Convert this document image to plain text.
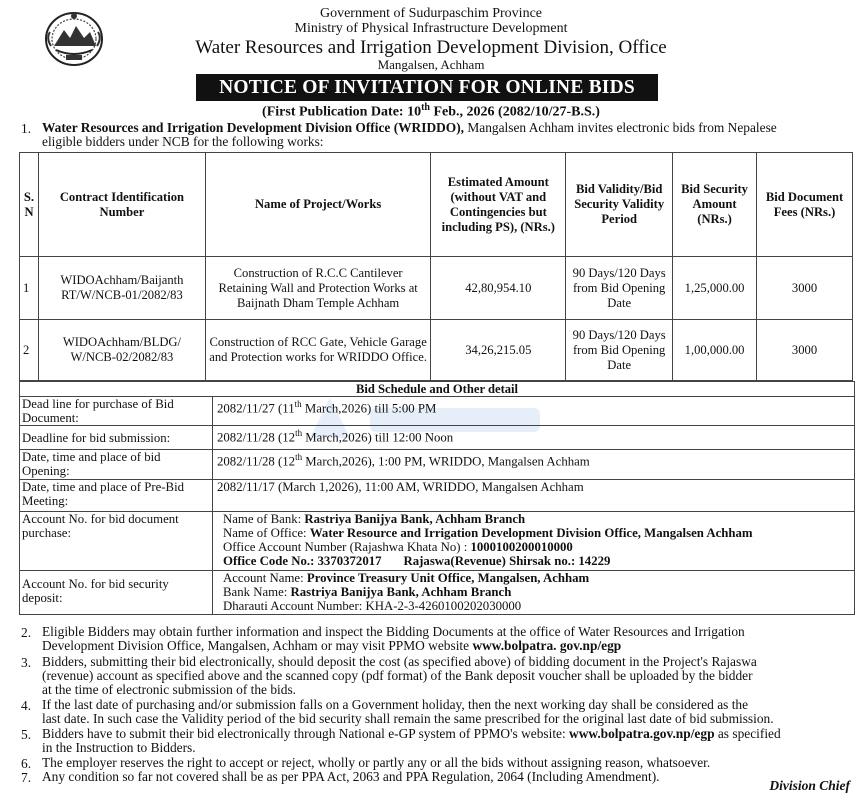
Government of Sudurpaschim Province
Ministry of Physical Infrastructure Development
Water Resources and Irrigation Development Division, Office
Mangalsen, Achham
NOTICE OF INVITATION FOR ONLINE BIDS
(First Publication Date: 10th Feb., 2026 (2082/10/27-B.S.)
1. Water Resources and Irrigation Development Division Office (WRIDDO), Mangalsen Achham invites electronic bids from Nepalese
eligible bidders under NCB for the following works:
S.
N	Contract Identification Number	Name of Project/Works	Estimated Amount (without VAT and Contingencies but including PS), (NRs.)	Bid Validity/Bid Security Validity Period	Bid Security Amount (NRs.)	Bid Document Fees (NRs.)
1	WIDOAchham/Baijanth RT/W/NCB-01/2082/83	Construction of R.C.C Cantilever Retaining Wall and Protection Works at Baijnath Dham Temple Achham	42,80,954.10	90 Days/120 Days from Bid Opening Date	1,25,000.00	3000
2	WIDOAchham/BLDG/ W/NCB-02/2082/83	Construction of RCC Gate, Vehicle Garage and Protection works for WRIDDO Office.	34,26,215.05	90 Days/120 Days from Bid Opening Date	1,00,000.00	3000
Bid Schedule and Other detail
Dead line for purchase of Bid Document:	2082/11/27 (11th March,2026) till 5:00 PM
Deadline for bid submission:	2082/11/28 (12th March,2026) till 12:00 Noon
Date, time and place of bid Opening:	2082/11/28 (12th March,2026), 1:00 PM, WRIDDO, Mangalsen Achham
Date, time and place of Pre-Bid Meeting:	2082/11/17 (March 1,2026), 11:00 AM, WRIDDO, Mangalsen Achham
Account No. for bid document purchase:	Name of Bank: Rastriya Banijya Bank, Achham Branch
Name of Office: Water Resource and Irrigation Development Division Office, Mangalsen Achham
Office Account Number (Rajashwa Khata No) : 1000100200010000
Office Code No.: 3370372017 Rajaswa(Revenue) Shirsak no.: 14229

Account No. for bid security deposit:	Account Name: Province Treasury Unit Office, Mangalsen, Achham
Bank Name: Rastriya Banijya Bank, Achham Branch
Dharauti Account Number: KHA-2-3-4260100202030000
2. Eligible Bidders may obtain further information and inspect the Bidding Documents at the office of Water Resources and Irrigation
Development Division Office, Mangalsen, Achham or may visit PPMO website www.bolpatra. gov.np/egp
3. Bidders, submitting their bid electronically, should deposit the cost (as specified above) of bidding document in the Project's Rajaswa
(revenue) account as specified above and the scanned copy (pdf format) of the Bank deposit voucher shall be uploaded by the bidder
at the time of electronic submission of the bids.
4. If the last date of purchasing and/or submission falls on a Government holiday, then the next working day shall be considered as the
last date. In such case the Validity period of the bid security shall remain the same prescribed for the original last date of bid submission.
5. Bidders have to submit their bid electronically through National e-GP system of PPMO's website: www.bolpatra.gov.np/egp as specified
in the Instruction to Bidders.
6. The employer reserves the right to accept or reject, wholly or partly any or all the bids without assigning reason, whatsoever.
7. Any condition so far not covered shall be as per PPA Act, 2063 and PPA Regulation, 2064 (Including Amendment).
Division Chief
